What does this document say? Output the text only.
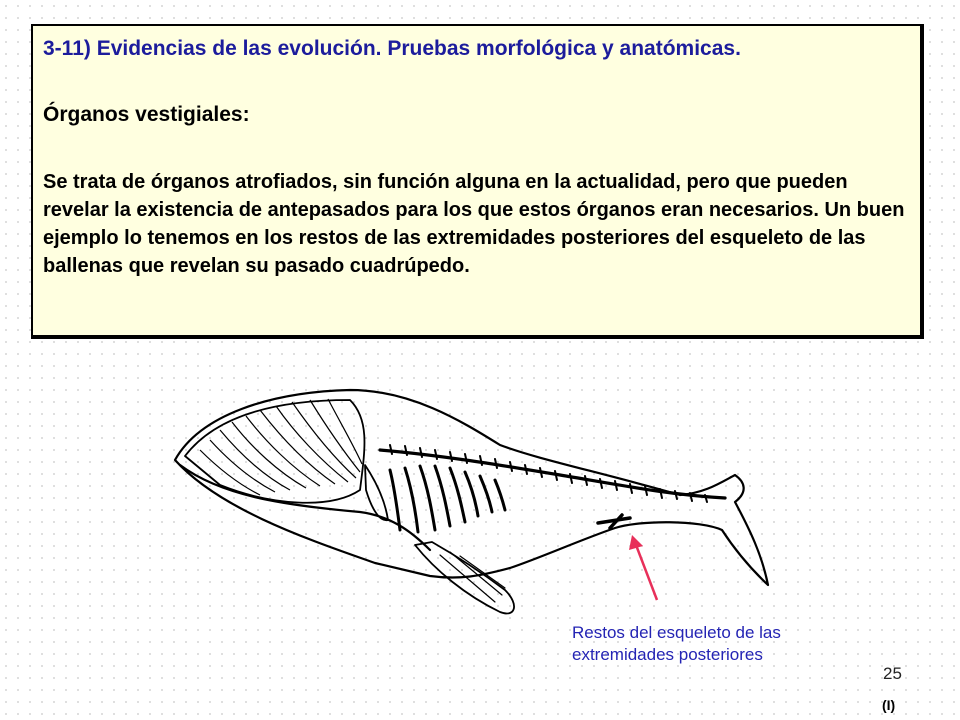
3-11) Evidencias de las evolución. Pruebas morfológica y anatómicas.

Órganos vestigiales:

Se trata de órganos atrofiados, sin función alguna en la actualidad, pero que pueden revelar la existencia de antepasados para los que estos órganos eran necesarios. Un buen ejemplo lo tenemos en los restos de las extremidades posteriores del esqueleto de las ballenas que revelan su pasado cuadrúpedo.

Restos del esqueleto de las
extremidades posteriores
25
(I)
